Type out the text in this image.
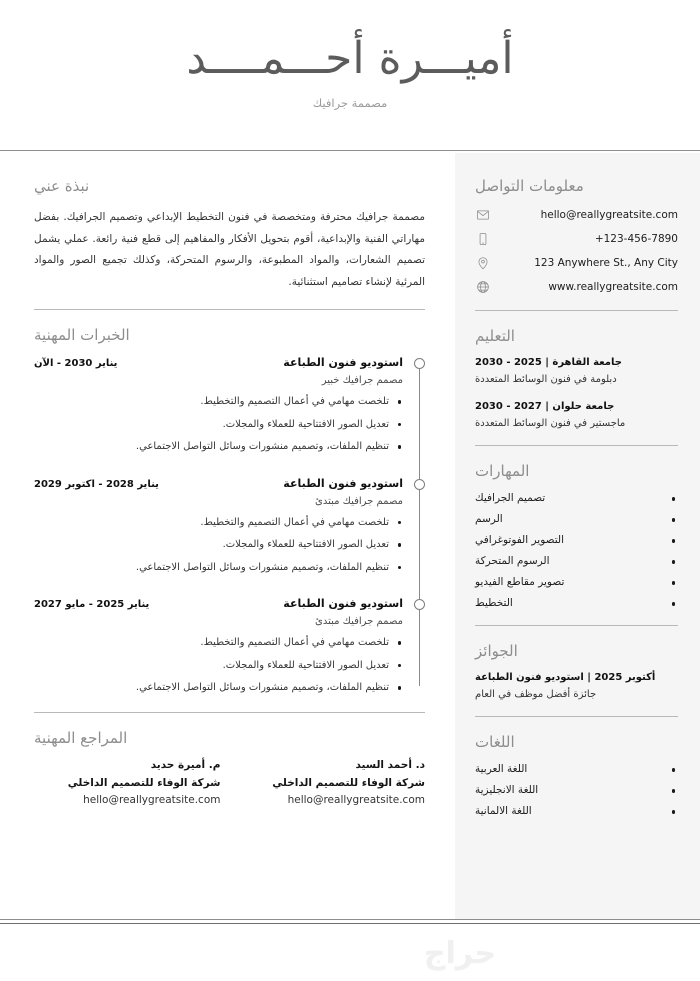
أميـــرة أحـــمــــد
مصممة جرافيك
معلومات التواصل
hello@reallygreatsite.com
+123-456-7890
123 Anywhere St., Any City
www.reallygreatsite.com
التعليم
جامعة القاهرة | 2025 - 2030
دبلومة في فنون الوسائط المتعددة
جامعة حلوان | 2027 - 2030
ماجستير في فنون الوسائط المتعددة
المهارات
تصميم الجرافيك
الرسم
التصوير الفوتوغرافي
الرسوم المتحركة
تصوير مقاطع الفيديو
التخطيط
الجوائز
أكتوبر 2025 | استوديو فنون الطباعة
جائزة أفضل موظف في العام
اللغات
اللغة العربية
اللغة الانجليزية
اللغة الالمانية
نبذة عني

مصممة جرافيك محترفة ومتخصصة في فنون التخطيط الإبداعي وتصميم الجرافيك. بفضل مهاراتي الفنية والإبداعية، أقوم بتحويل الأفكار والمفاهيم إلى قطع فنية رائعة. عملي يشمل تصميم الشعارات، والمواد المطبوعة، والرسوم المتحركة، وكذلك تجميع الصور والمواد المرئية لإنشاء تصاميم استثنائية.

الخبرات المهنية
استوديو فنون الطباعة
يناير 2030 - الآن
مصمم جرافيك خبير
تلخصت مهامي في أعمال التصميم والتخطيط.
تعديل الصور الافتتاحية للعملاء والمجلات.
تنظيم الملفات، وتصميم منشورات وسائل التواصل الاجتماعي.
استوديو فنون الطباعة
يناير 2028 - اكتوبر 2029
مصمم جرافيك مبتدئ
تلخصت مهامي في أعمال التصميم والتخطيط.
تعديل الصور الافتتاحية للعملاء والمجلات.
تنظيم الملفات، وتصميم منشورات وسائل التواصل الاجتماعي.
استوديو فنون الطباعة
يناير 2025 - مايو 2027
مصمم جرافيك مبتدئ
تلخصت مهامي في أعمال التصميم والتخطيط.
تعديل الصور الافتتاحية للعملاء والمجلات.
تنظيم الملفات، وتصميم منشورات وسائل التواصل الاجتماعي.
المراجع المهنية
د. أحمد السيد
شركة الوفاء للتصميم الداخلي
hello@reallygreatsite.com
م. أميرة حديد
شركة الوفاء للتصميم الداخلي
hello@reallygreatsite.com
حراج
